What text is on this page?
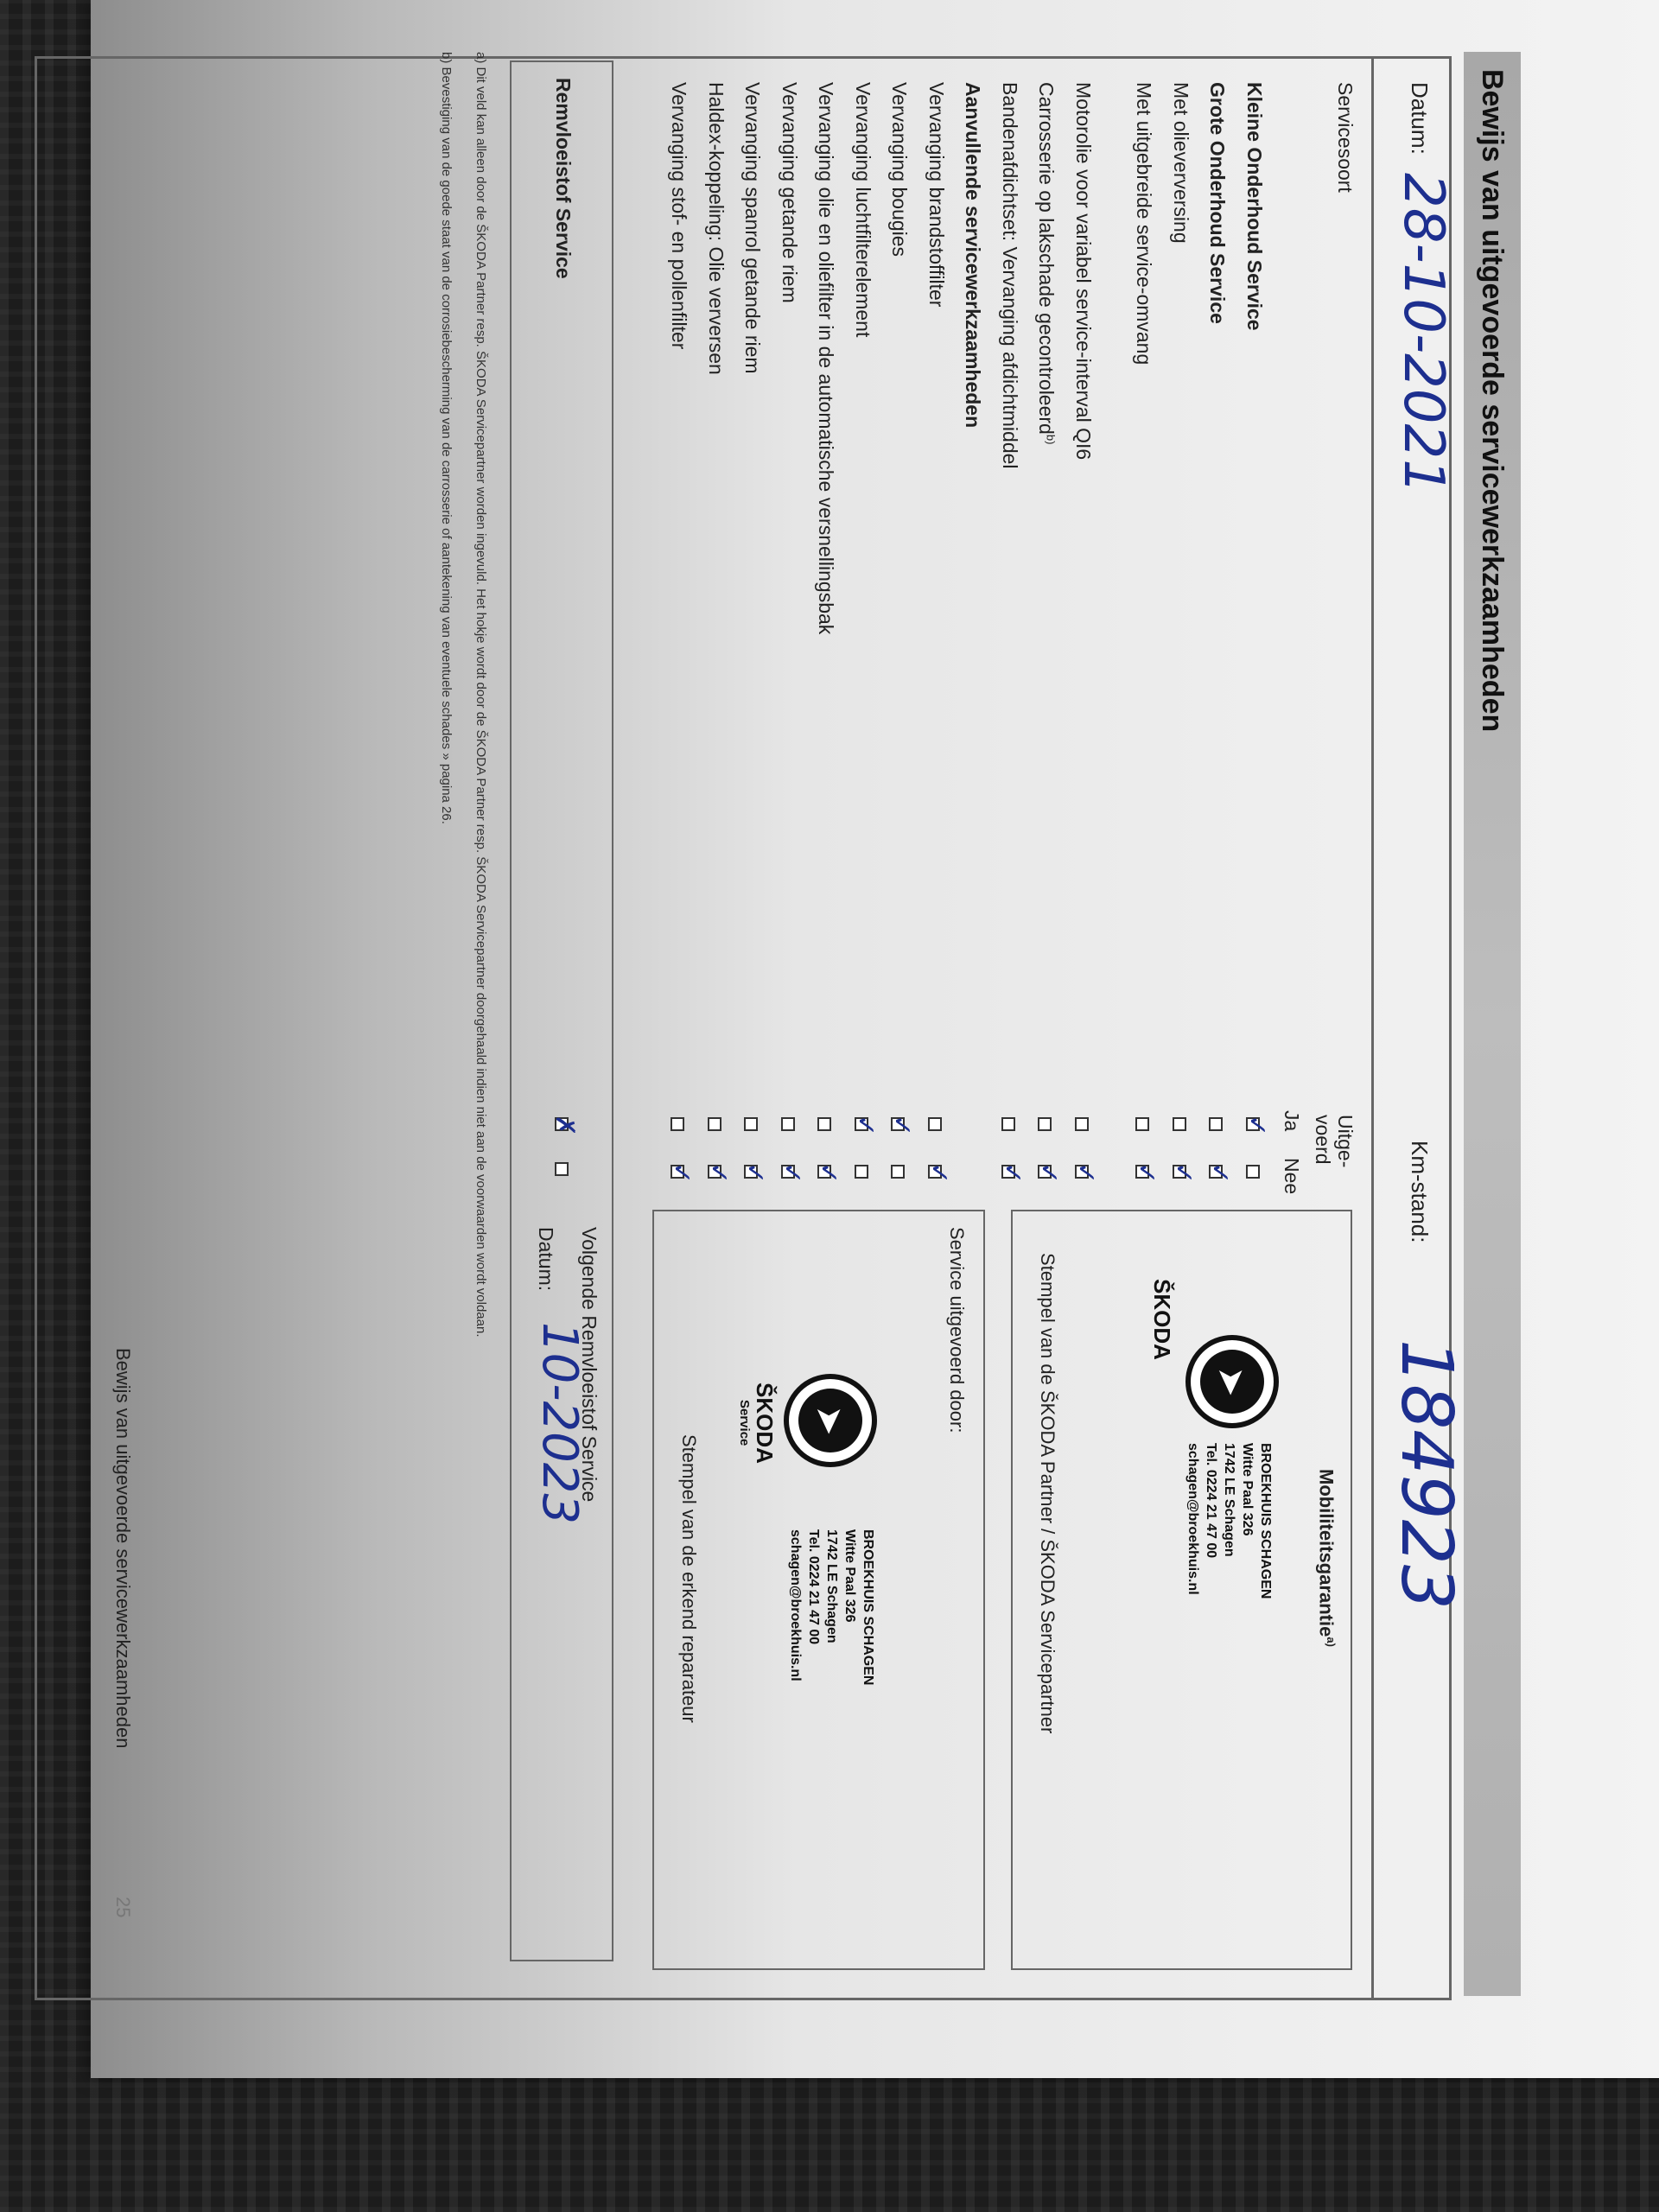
Bewijs van uitgevoerde servicewerkzaamheden
Datum:
28-10-2021
Km-stand:
184923
Servicesoort
Uitge-
voerd
Ja
Nee
Kleine Onderhoud Service
✓
Grote Onderhoud Service
✓
Met olieverversing
✓
Met uitgebreide service-omvang
✓
Motorolie voor variabel service-interval QI6
✓
Carrosserie op lakschade gecontroleerd$^{b)}$
✓
Bandenafdichtset: Vervanging afdichtmiddel
✓
Aanvullende servicewerkzaamheden
Vervanging brandstoffilter
✓
Vervanging bougies
✓
Vervanging luchtfilterelement
✓
Vervanging olie en oliefilter in de automatische versnellingsbak
✓
Vervanging getande riem
✓
Vervanging spanrol getande riem
✓
Haldex-koppeling: Olie verversen
✓
Vervanging stof- en pollenfilter
✓
Mobiliteitsgarantie$^{a)}$
➤
BROEKHUIS SCHAGEN
Witte Paal 326
1742 LE Schagen
Tel. 0224 21 47 00
schagen@broekhuis.nl
ŠKODA
Stempel van de ŠKODA Partner / ŠKODA Servicepartner
Service uitgevoerd door:
➤
BROEKHUIS SCHAGEN
Witte Paal 326
1742 LE Schagen
Tel. 0224 21 47 00
schagen@broekhuis.nl
ŠKODA
Service
Stempel van de erkend reparateur
Remvloeistof Service
✗
Volgende Remvloeistof Service
Datum:
10-2023
a) Dit veld kan alleen door de ŠKODA Partner resp. ŠKODA Servicepartner worden ingevuld. Het hokje wordt door de ŠKODA Partner resp. ŠKODA Servicepartner doorgehaald indien niet aan de voorwaarden wordt voldaan.
b) Bevestiging van de goede staat van de corrosiebescherming van de carrosserie of aantekening van eventuele schades » pagina 26.
Bewijs van uitgevoerde servicewerkzaamheden
25
